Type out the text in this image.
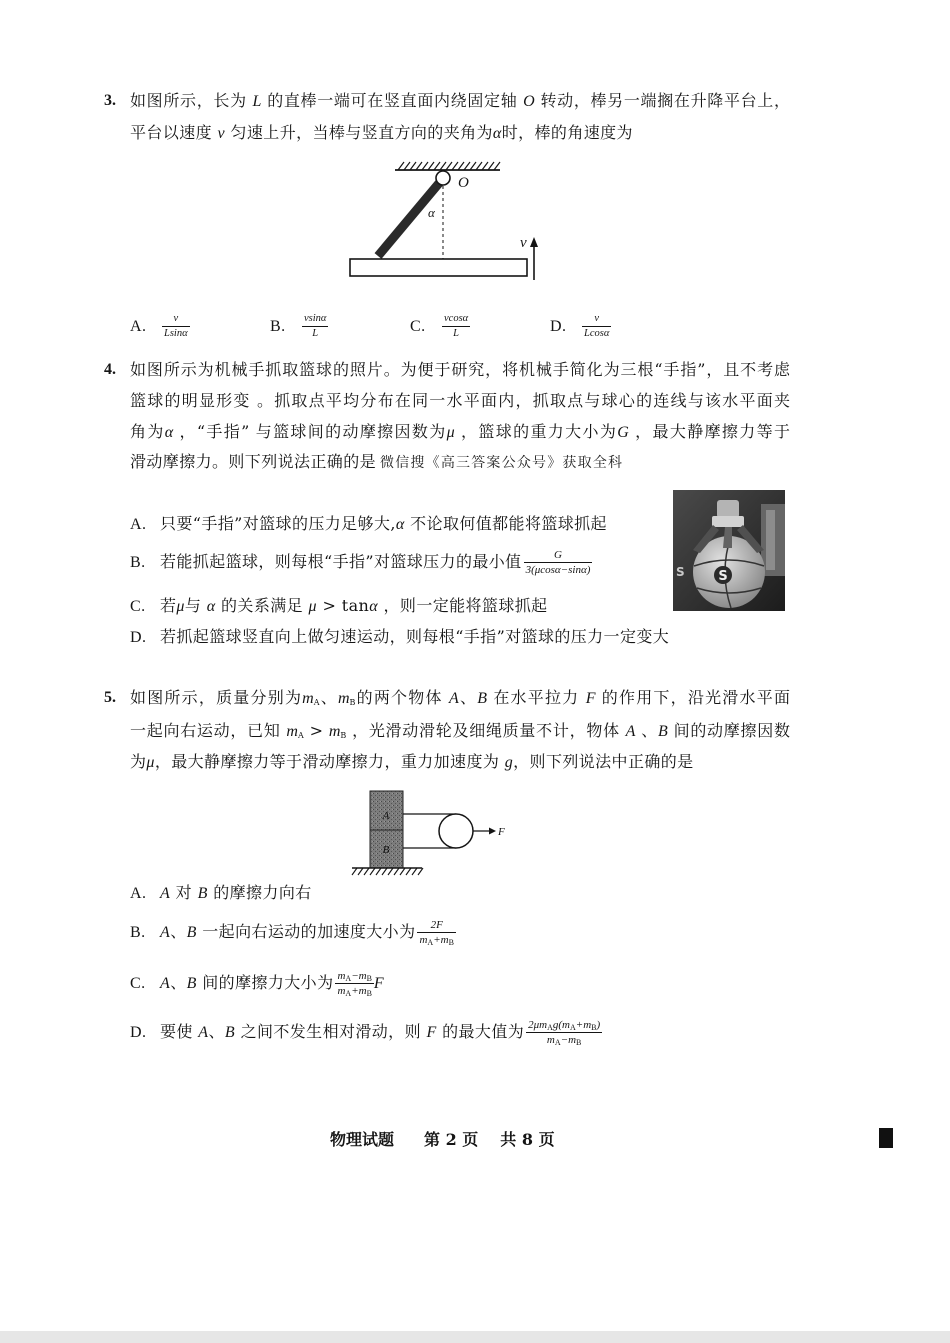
3. 如图所示，长为 L 的直棒一端可在竖直面内绕固定轴 O 转动，棒另一端搁在升降平台上，
平台以速度 v 匀速上升，当棒与竖直方向的夹角为α时，棒的角速度为
O
α
v
A. $\frac{v}{Lsin\alpha}$	B. $\frac{vsin\alpha}{L}$	C. $\frac{vcos\alpha}{L}$	D. $\frac{v}{Lcos\alpha}$
4. 如图所示为机械手抓取篮球的照片。为便于研究，将机械手简化为三根“手指”，且不考虑
篮球的明显形变 。抓取点平均分布在同一水平面内，抓取点与球心的连线与该水平面夹
角为α ，“手指” 与篮球间的动摩擦因数为μ ，篮球的重力大小为G ，最大静摩擦力等于
滑动摩擦力。则下列说法正确的是 微信搜《高三答案公众号》获取全科
S
S
A. 只要“手指”对篮球的压力足够大,α 不论取何值都能将篮球抓起
B. 若能抓起篮球，则每根“手指”对篮球压力的最小值 $\frac{G}{3(\mu\cos\alpha-\sin\alpha)}$
C. 若μ与 α 的关系满足 μ > tanα ，则一定能将篮球抓起
D. 若抓起篮球竖直向上做匀速运动，则每根“手指”对篮球的压力一定变大
5. 如图所示，质量分别为$m_A$、$m_B$的两个物体 A、B 在水平拉力 F 的作用下，沿光滑水平面
一起向右运动，已知 $m_A > m_B$ ，光滑动滑轮及细绳质量不计，物体 A 、B 间的动摩擦因数
为μ，最大静摩擦力等于滑动摩擦力，重力加速度为 g，则下列说法中正确的是
A
B
F
A. A 对 B 的摩擦力向右
B. A、B 一起向右运动的加速度大小为 $\frac{2F}{m_A+m_B}$
C. A、B 间的摩擦力大小为 $\frac{m_A-m_B}{m_A+m_B}$ F
D. 要使 A、B 之间不发生相对滑动，则 F 的最大值为 $\frac{2\mu m_Ag(m_A+m_B)}{m_A-m_B}$
物理试题 第 2 页 共 8 页
